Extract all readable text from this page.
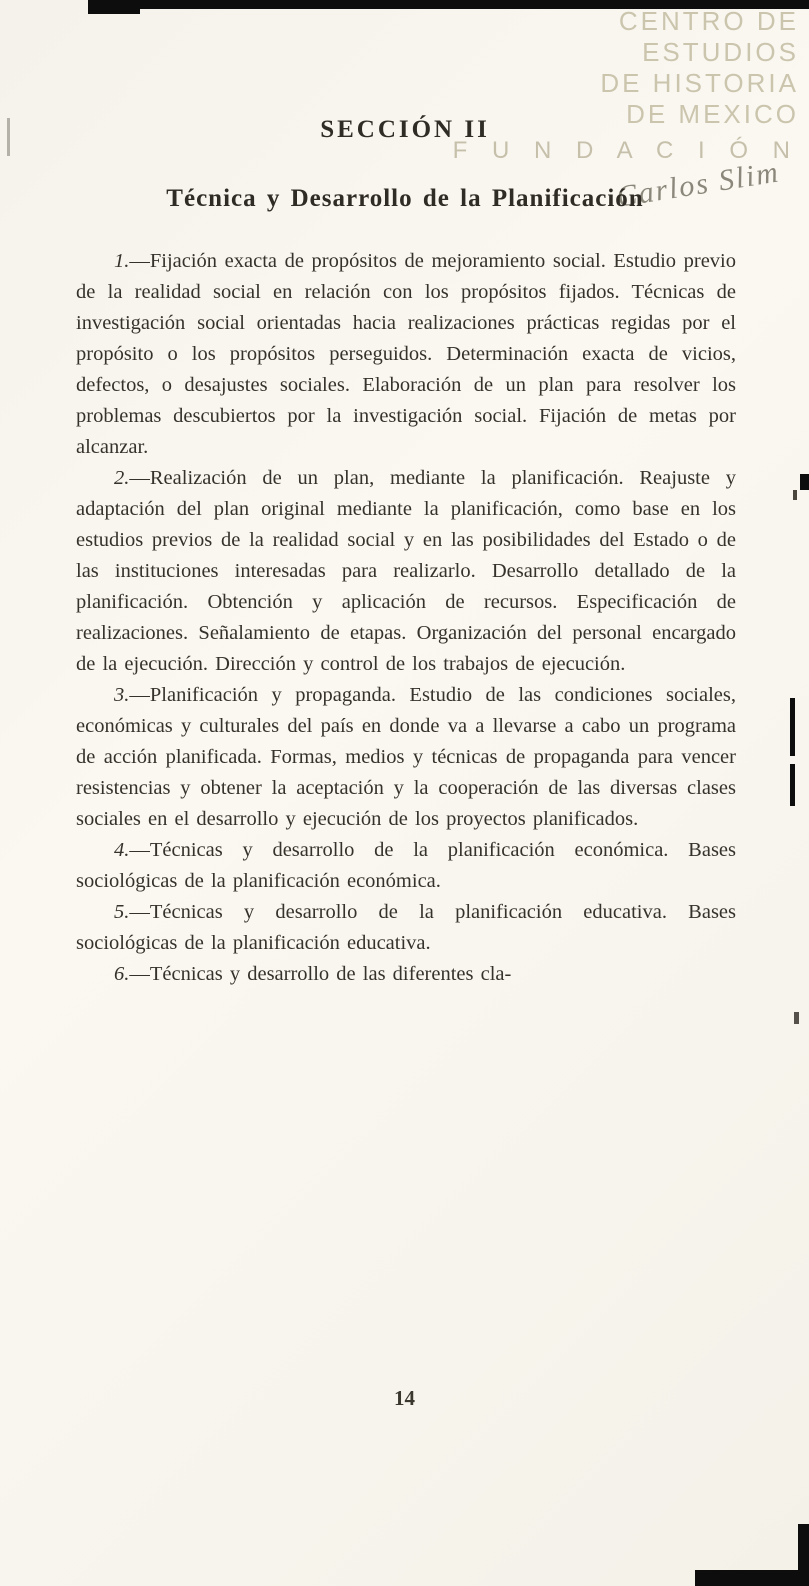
CENTRO DE
ESTUDIOS
DE HISTORIA
DE MEXICO
F U N D A C I Ó N
Carlos Slim
SECCIÓN II
Técnica y Desarrollo de la Planificación

1.—Fijación exacta de propósitos de mejoramiento social. Estudio previo de la realidad social en relación con los propósitos fijados. Técnicas de investigación social orientadas hacia realizaciones prácticas regidas por el propósito o los propósitos perseguidos. Determinación exacta de vicios, defectos, o desajustes sociales. Elaboración de un plan para resolver los problemas descubiertos por la investigación social. Fijación de metas por alcanzar.

2.—Realización de un plan, mediante la planificación. Reajuste y adaptación del plan original mediante la planificación, como base en los estudios previos de la realidad social y en las posibilidades del Estado o de las instituciones interesadas para realizarlo. Desarrollo detallado de la planificación. Obtención y aplicación de recursos. Especificación de realizaciones. Señalamiento de etapas. Organización del personal encargado de la ejecución. Dirección y control de los trabajos de ejecución.

3.—Planificación y propaganda. Estudio de las condiciones sociales, económicas y culturales del país en donde va a llevarse a cabo un programa de acción planificada. Formas, medios y técnicas de propaganda para vencer resistencias y obtener la aceptación y la cooperación de las diversas clases sociales en el desarrollo y ejecución de los proyectos planificados.

4.—Técnicas y desarrollo de la planificación económica. Bases sociológicas de la planificación económica.

5.—Técnicas y desarrollo de la planificación educativa. Bases sociológicas de la planificación educativa.

6.—Técnicas y desarrollo de las diferentes cla-

14
